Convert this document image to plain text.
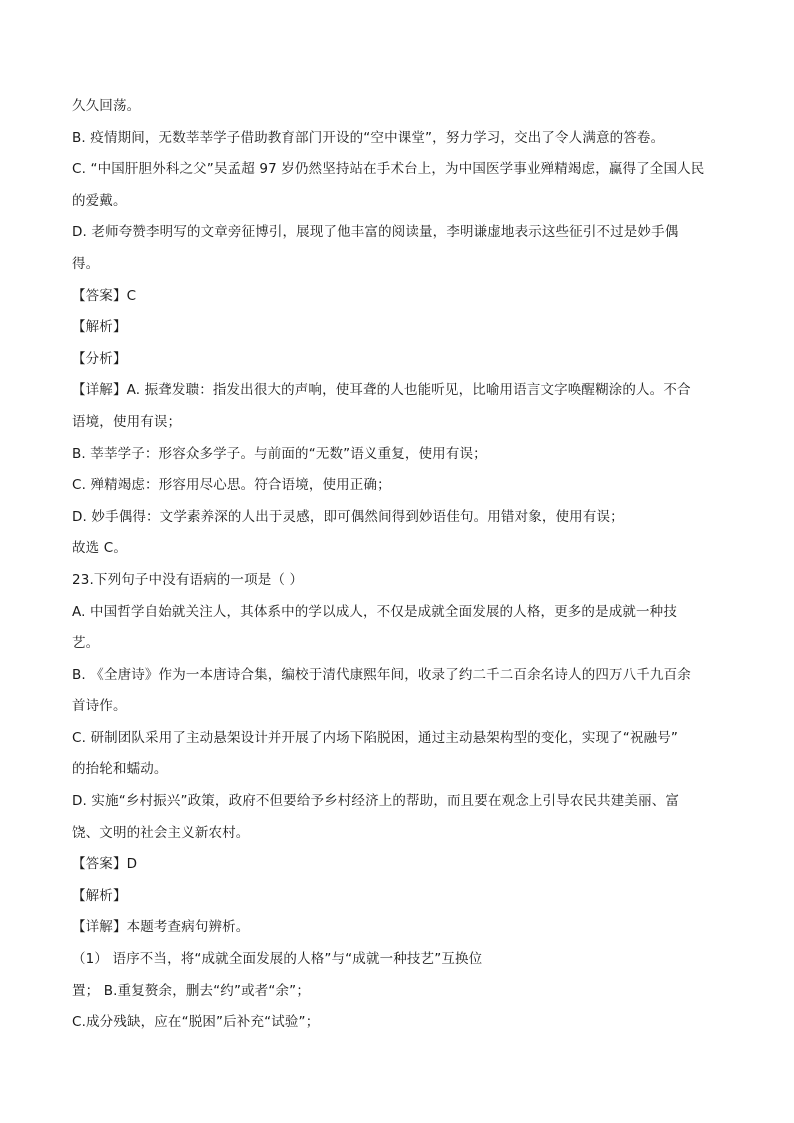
久久回荡。
B. 疫情期间，无数莘莘学子借助教育部门开设的“空中课堂”，努力学习，交出了令人满意的答卷。
C. “中国肝胆外科之父”吴孟超 97 岁仍然坚持站在手术台上，为中国医学事业殚精竭虑，赢得了全国人民
的爱戴。
D. 老师夸赞李明写的文章旁征博引，展现了他丰富的阅读量，李明谦虚地表示这些征引不过是妙手偶
得。
【答案】C
【解析】
【分析】
【详解】A. 振聋发聩：指发出很大的声响，使耳聋的人也能听见，比喻用语言文字唤醒糊涂的人。不合
语境，使用有误；
B. 莘莘学子：形容众多学子。与前面的“无数”语义重复，使用有误；
C. 殚精竭虑：形容用尽心思。符合语境，使用正确；
D. 妙手偶得：文学素养深的人出于灵感，即可偶然间得到妙语佳句。用错对象，使用有误；
故选 C。
23.下列句子中没有语病的一项是（ ）
A. 中国哲学自始就关注人，其体系中的学以成人，不仅是成就全面发展的人格，更多的是成就一种技
艺。
B. 《全唐诗》作为一本唐诗合集，编校于清代康熙年间，收录了约二千二百余名诗人的四万八千九百余
首诗作。
C. 研制团队采用了主动悬架设计并开展了内场下陷脱困，通过主动悬架构型的变化，实现了“祝融号”
的抬轮和蠕动。
D. 实施“乡村振兴”政策，政府不但要给予乡村经济上的帮助，而且要在观念上引导农民共建美丽、富
饶、文明的社会主义新农村。
【答案】D
【解析】
【详解】本题考查病句辨析。
（1） 语序不当，将“成就全面发展的人格”与“成就一种技艺”互换位
置； B.重复赘余，删去“约”或者“余”；
C.成分残缺，应在“脱困”后补充“试验”；
